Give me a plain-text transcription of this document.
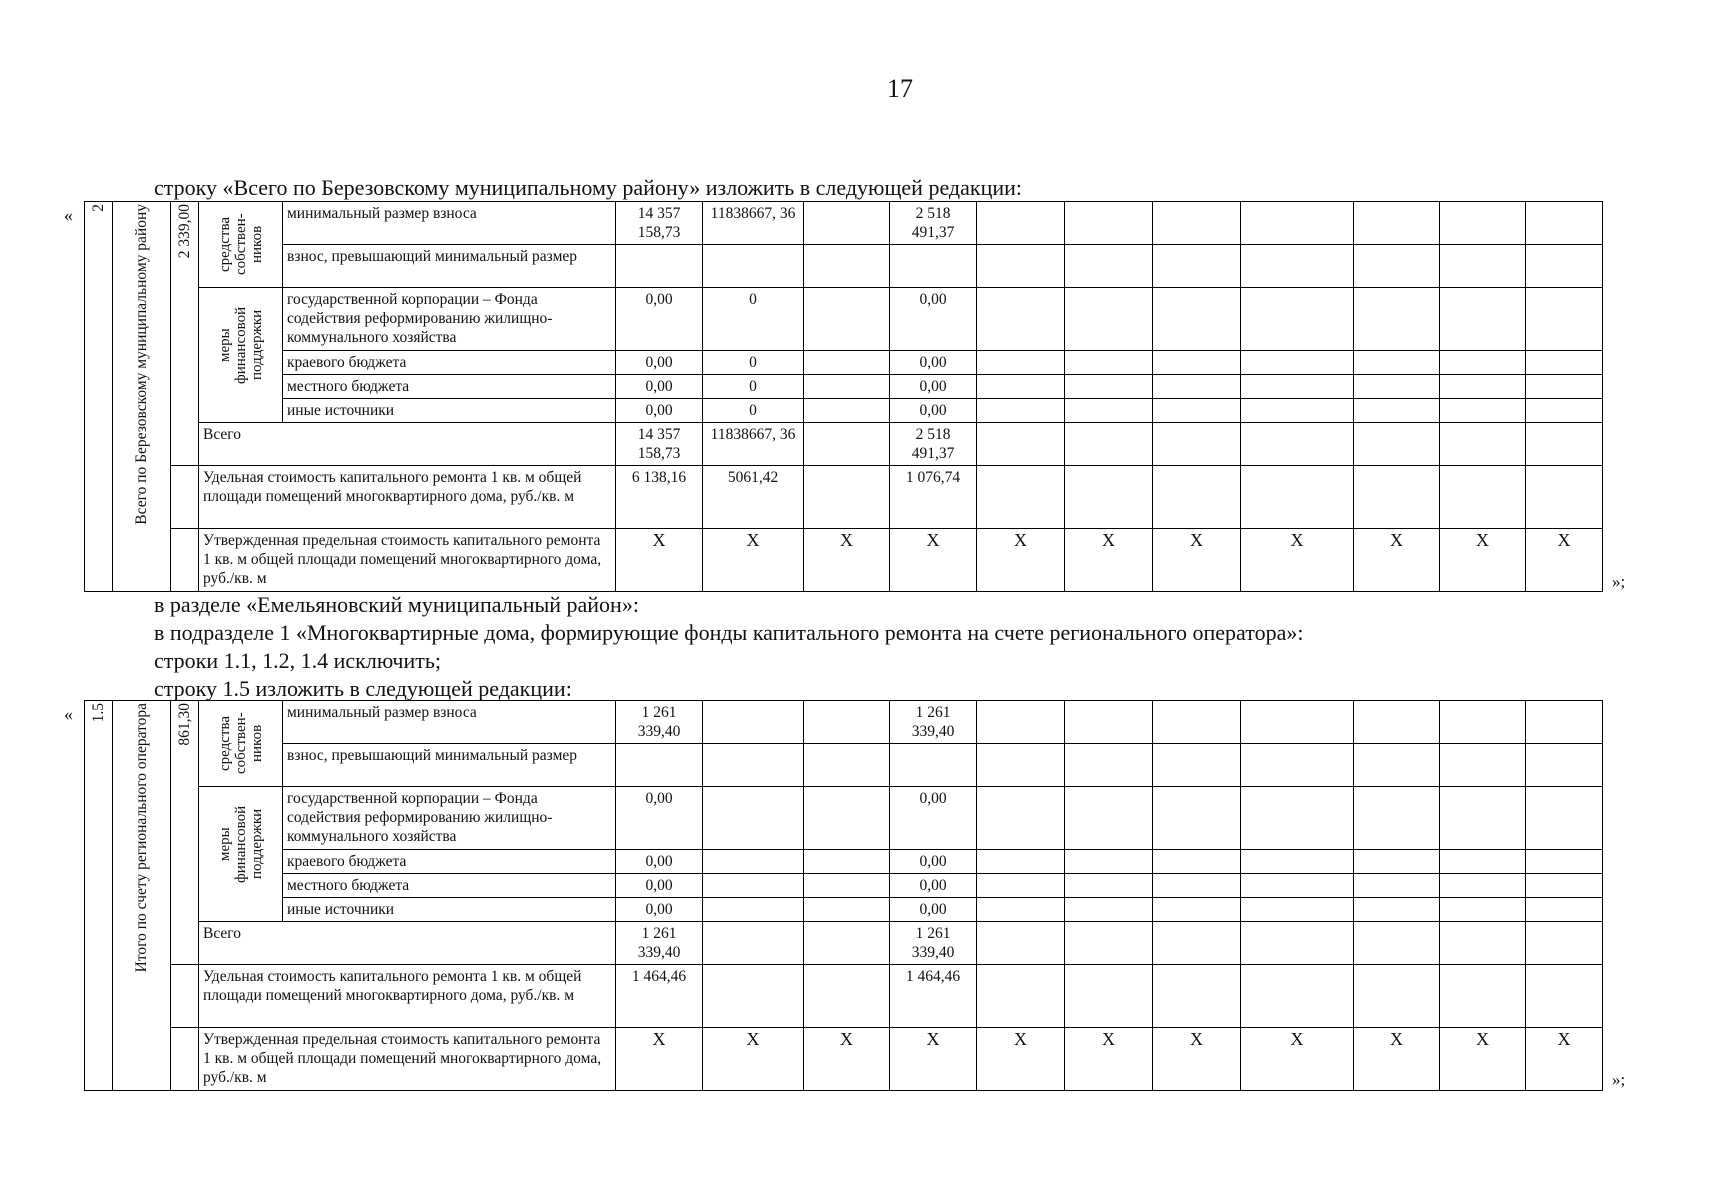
17
строку «Всего по Березовскому муниципальному району» изложить в следующей редакции:
в разделе «Емельяновский муниципальный район»:
в подразделе 1 «Многоквартирные дома, формирующие фонды капитального ремонта на счете регионального оператора»:
строки 1.1, 1.2, 1.4 исключить;
строку 1.5 изложить в следующей редакции:
«
»;
«
»;
2	Всего по Березовскому муниципальному району	2 339,00	средства собствен-ников	минимальный размер взноса	14 357 158,73	11838667, 36		2 518 491,37							
				взнос, превышающий минимальный размер											

			меры финансовой поддержки	государственной корпорации – Фонда содействия реформированию жилищно-коммунального хозяйства	0,00	0		0,00							
				краевого бюджета	0,00	0		0,00							
				местного бюджета	0,00	0		0,00							
				иные источники	0,00	0		0,00							
			Всего		14 357 158,73	11838667, 36		2 518 491,37							
			Удельная стоимость капитального ремонта 1 кв. м общей площади помещений многоквартирного дома, руб./кв. м		6 138,16	5061,42		1 076,74							
			Утвержденная предельная стоимость капитального ремонта 1 кв. м общей площади помещений многоквартирного дома, руб./кв. м		X	X	X	X	X	X	X	X	X	X	X
1.5	Итого по счету регионального оператора	861,30	средства собствен-ников	минимальный размер взноса	1 261 339,40			1 261 339,40							
				взнос, превышающий минимальный размер											

			меры финансовой поддержки	государственной корпорации – Фонда содействия реформированию жилищно-коммунального хозяйства	0,00			0,00							
				краевого бюджета	0,00			0,00							
				местного бюджета	0,00			0,00							
				иные источники	0,00			0,00							
			Всего		1 261 339,40			1 261 339,40							
			Удельная стоимость капитального ремонта 1 кв. м общей площади помещений многоквартирного дома, руб./кв. м		1 464,46			1 464,46							
			Утвержденная предельная стоимость капитального ремонта 1 кв. м общей площади помещений многоквартирного дома, руб./кв. м		X	X	X	X	X	X	X	X	X	X	X
